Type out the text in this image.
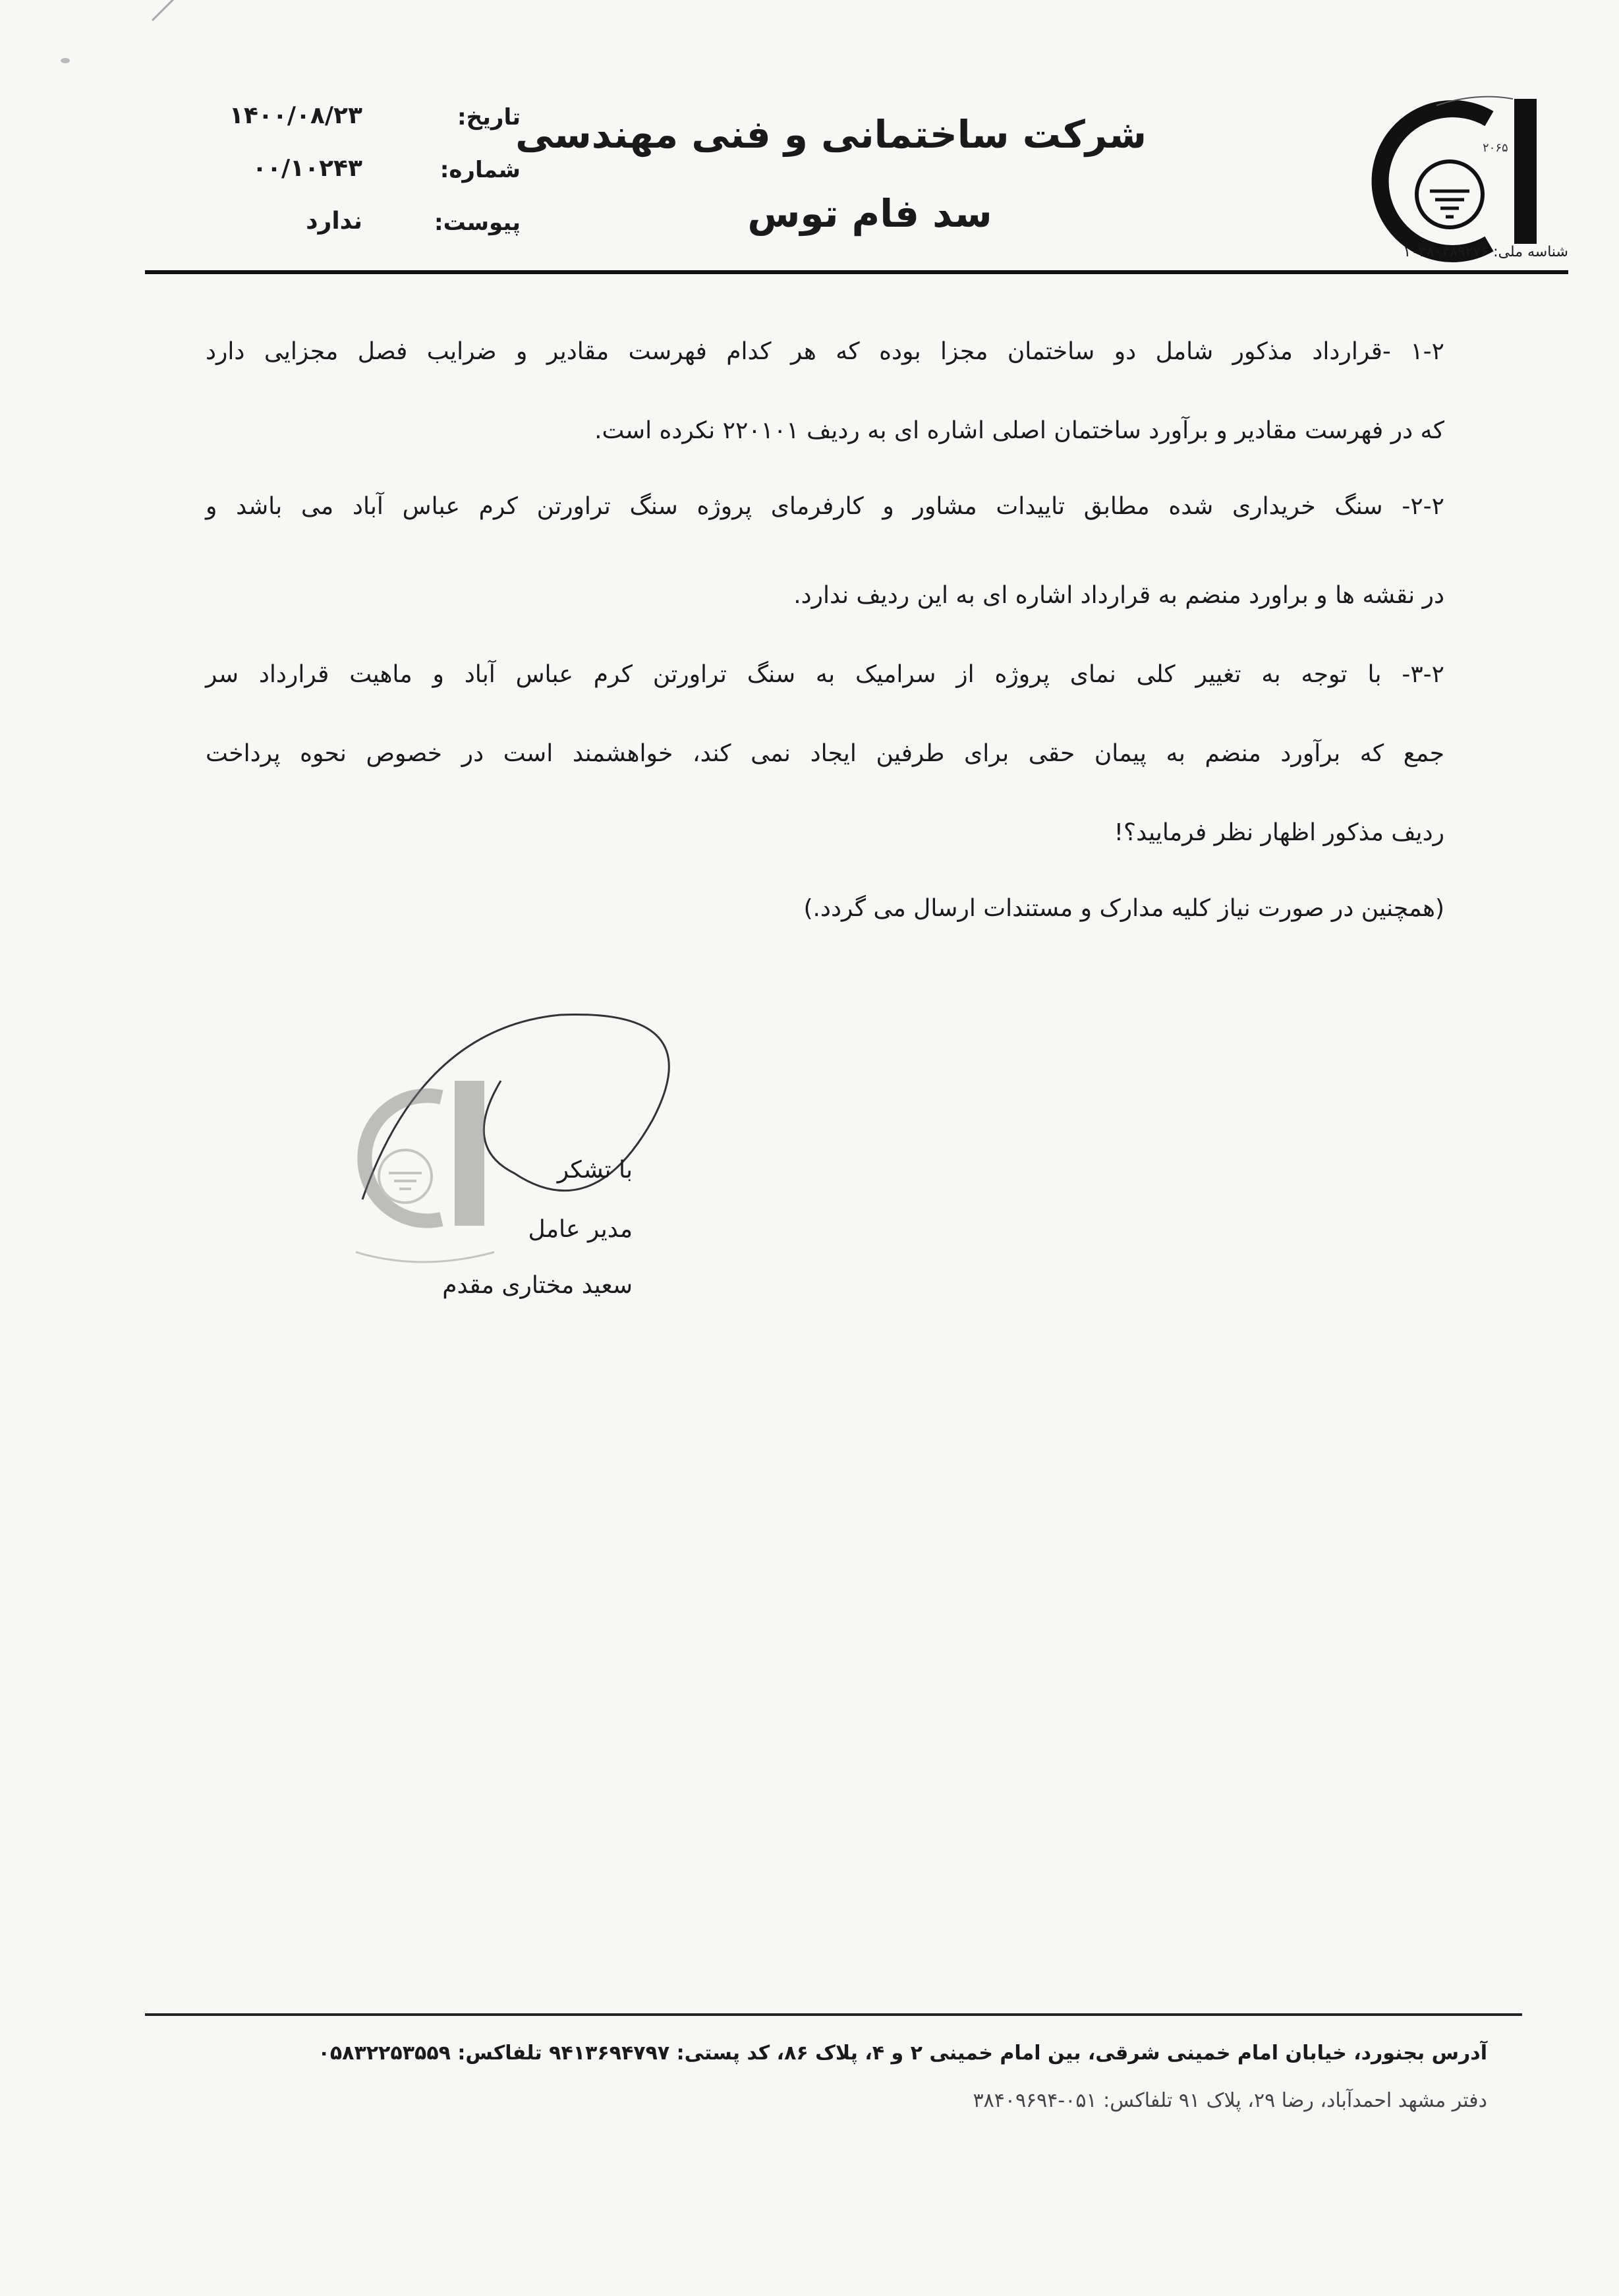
۲۰۶۵
شناسه ملی: ۱۰۳۸۰۳۸۹۲۷۶
شرکت ساختمانی و فنی مهندسی
سد فام توس
تاریخ:
۱۴۰۰/۰۸/۲۳
شماره:
۰۰/۱۰۲۴۳
پیوست:
ندارد
۱-۲ -قرارداد مذکور شامل دو ساختمان مجزا بوده که هر کدام فهرست مقادیر و ضرایب فصل مجزایی دارد
که در فهرست مقادیر و برآورد ساختمان اصلی اشاره ای به ردیف ۲۲۰۱۰۱ نکرده است.
۲-۲- سنگ خریداری شده مطابق تاییدات مشاور و کارفرمای پروژه سنگ تراورتن کرم عباس آباد می باشد و
در نقشه ها و براورد منضم به قرارداد اشاره ای به این ردیف ندارد.
۳-۲- با توجه به تغییر کلی نمای پروژه از سرامیک به سنگ تراورتن کرم عباس آباد و ماهیت قرارداد سر
جمع که برآورد منضم به پیمان حقی برای طرفین ایجاد نمی کند، خواهشمند است در خصوص نحوه پرداخت
ردیف مذکور اظهار نظر فرمایید؟!
(همچنین در صورت نیاز کلیه مدارک و مستندات ارسال می گردد.)
با تشکر
مدیر عامل
سعید مختاری مقدم
آدرس بجنورد، خیابان امام خمینی شرقی، بین امام خمینی ۲ و ۴، پلاک ۸۶، کد پستی: ۹۴۱۳۶۹۴۷۹۷ تلفاکس: ۰۵۸۳۲۲۵۳۵۵۹
دفتر مشهد احمدآباد، رضا ۲۹، پلاک ۹۱ تلفاکس: ۰۵۱-۳۸۴۰۹۶۹۴
